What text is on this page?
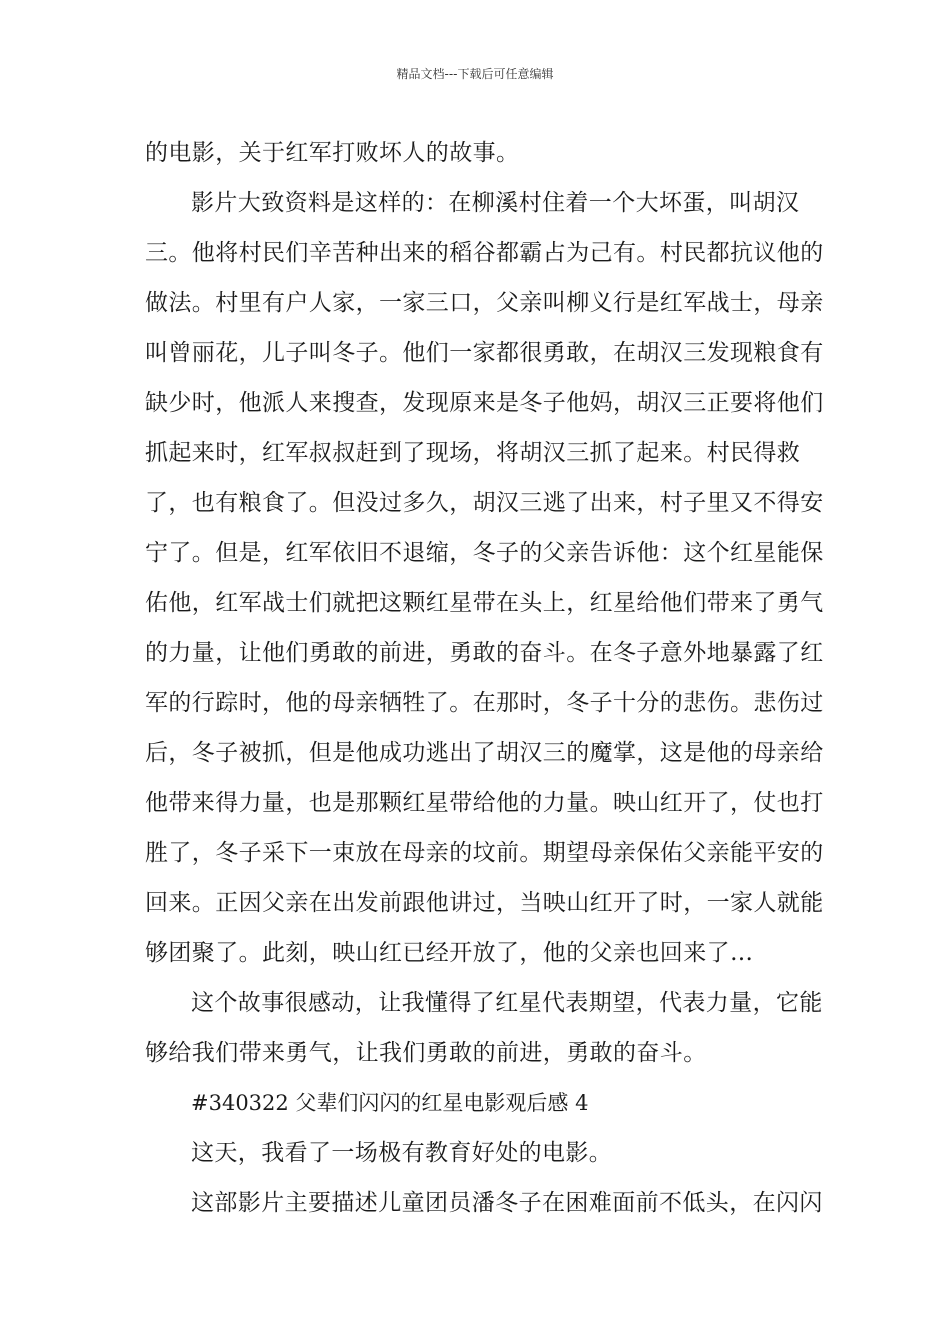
精品文档---下载后可任意编辑

的电影，关于红军打败坏人的故事。

影片大致资料是这样的：在柳溪村住着一个大坏蛋，叫胡汉三。他将村民们辛苦种出来的稻谷都霸占为己有。村民都抗议他的做法。村里有户人家，一家三口，父亲叫柳义行是红军战士，母亲叫曾丽花，儿子叫冬子。他们一家都很勇敢，在胡汉三发现粮食有缺少时，他派人来搜查，发现原来是冬子他妈，胡汉三正要将他们抓起来时，红军叔叔赶到了现场，将胡汉三抓了起来。村民得救了，也有粮食了。但没过多久，胡汉三逃了出来，村子里又不得安宁了。但是，红军依旧不退缩，冬子的父亲告诉他：这个红星能保佑他，红军战士们就把这颗红星带在头上，红星给他们带来了勇气的力量，让他们勇敢的前进，勇敢的奋斗。在冬子意外地暴露了红军的行踪时，他的母亲牺牲了。在那时，冬子十分的悲伤。悲伤过后，冬子被抓，但是他成功逃出了胡汉三的魔掌，这是他的母亲给他带来得力量，也是那颗红星带给他的力量。映山红开了，仗也打胜了，冬子采下一束放在母亲的坟前。期望母亲保佑父亲能平安的回来。正因父亲在出发前跟他讲过，当映山红开了时，一家人就能够团聚了。此刻，映山红已经开放了，他的父亲也回来了…

这个故事很感动，让我懂得了红星代表期望，代表力量，它能够给我们带来勇气，让我们勇敢的前进，勇敢的奋斗。

#340322 父辈们闪闪的红星电影观后感 4

这天，我看了一场极有教育好处的电影。

这部影片主要描述儿童团员潘冬子在困难面前不低头，在闪闪
